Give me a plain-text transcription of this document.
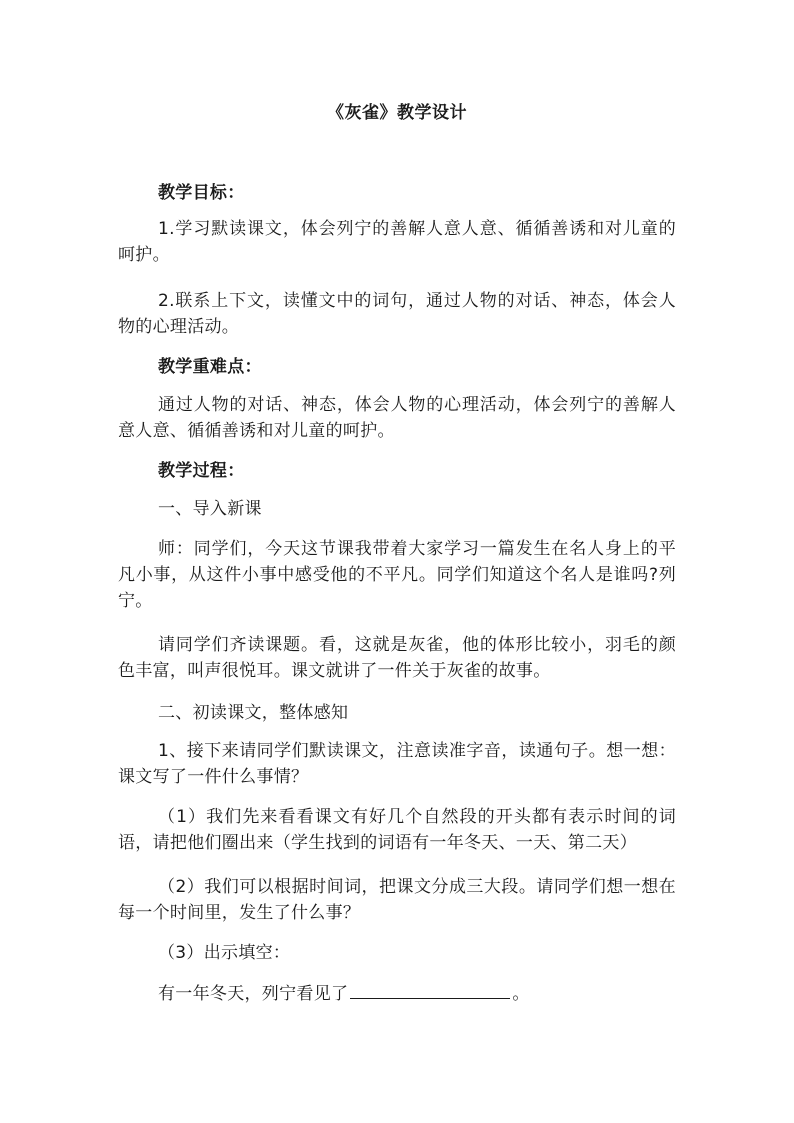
《灰雀》教学设计
教学目标：
1.学习默读课文，体会列宁的善解人意人意、循循善诱和对儿童的呵护。
2.联系上下文，读懂文中的词句，通过人物的对话、神态，体会人物的心理活动。
教学重难点：
通过人物的对话、神态，体会人物的心理活动，体会列宁的善解人意人意、循循善诱和对儿童的呵护。
教学过程：
一、导入新课
师：同学们，今天这节课我带着大家学习一篇发生在名人身上的平凡小事，从这件小事中感受他的不平凡。同学们知道这个名人是谁吗?列宁。
请同学们齐读课题。看，这就是灰雀，他的体形比较小，羽毛的颜色丰富，叫声很悦耳。课文就讲了一件关于灰雀的故事。
二、初读课文，整体感知
1、接下来请同学们默读课文，注意读准字音，读通句子。想一想：课文写了一件什么事情？
（1）我们先来看看课文有好几个自然段的开头都有表示时间的词语，请把他们圈出来（学生找到的词语有一年冬天、一天、第二天）
（2）我们可以根据时间词，把课文分成三大段。请同学们想一想在每一个时间里，发生了什么事？
（3）出示填空：
有一年冬天，列宁看见了	。
